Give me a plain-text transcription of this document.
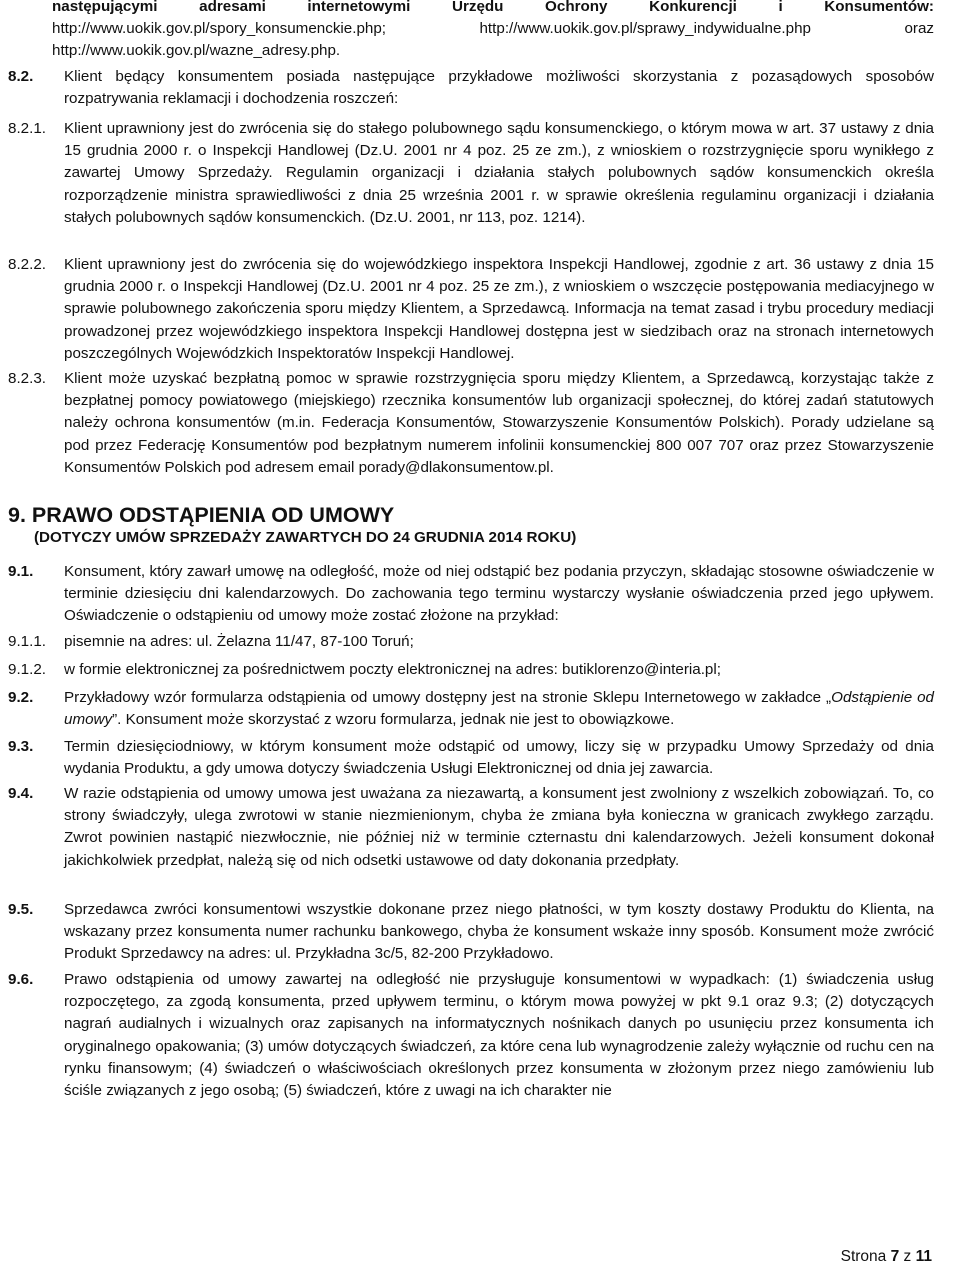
następującymi adresami internetowymi Urzędu Ochrony Konkurencji i Konsumentów:
http://www.uokik.gov.pl/spory_konsumenckie.php;	http://www.uokik.gov.pl/sprawy_indywidualne.php	oraz
http://www.uokik.gov.pl/wazne_adresy.php.
8.2. Klient będący konsumentem posiada następujące przykładowe możliwości skorzystania z pozasądowych sposobów rozpatrywania reklamacji i dochodzenia roszczeń:
8.2.1. Klient uprawniony jest do zwrócenia się do stałego polubownego sądu konsumenckiego, o którym mowa w art. 37 ustawy z dnia 15 grudnia 2000 r. o Inspekcji Handlowej (Dz.U. 2001 nr 4 poz. 25 ze zm.), z wnioskiem o rozstrzygnięcie sporu wynikłego z zawartej Umowy Sprzedaży. Regulamin organizacji i działania stałych polubownych sądów konsumenckich określa rozporządzenie ministra sprawiedliwości z dnia 25 września 2001 r. w sprawie określenia regulaminu organizacji i działania stałych polubownych sądów konsumenckich. (Dz.U. 2001, nr 113, poz. 1214).
8.2.2. Klient uprawniony jest do zwrócenia się do wojewódzkiego inspektora Inspekcji Handlowej, zgodnie z art. 36 ustawy z dnia 15 grudnia 2000 r. o Inspekcji Handlowej (Dz.U. 2001 nr 4 poz. 25 ze zm.), z wnioskiem o wszczęcie postępowania mediacyjnego w sprawie polubownego zakończenia sporu między Klientem, a Sprzedawcą. Informacja na temat zasad i trybu procedury mediacji prowadzonej przez wojewódzkiego inspektora Inspekcji Handlowej dostępna jest w siedzibach oraz na stronach internetowych poszczególnych Wojewódzkich Inspektoratów Inspekcji Handlowej.
8.2.3. Klient może uzyskać bezpłatną pomoc w sprawie rozstrzygnięcia sporu między Klientem, a Sprzedawcą, korzystając także z bezpłatnej pomocy powiatowego (miejskiego) rzecznika konsumentów lub organizacji społecznej, do której zadań statutowych należy ochrona konsumentów (m.in. Federacja Konsumentów, Stowarzyszenie Konsumentów Polskich). Porady udzielane są pod przez Federację Konsumentów pod bezpłatnym numerem infolinii konsumenckiej 800 007 707 oraz przez Stowarzyszenie Konsumentów Polskich pod adresem email porady@dlakonsumentow.pl.
9. PRAWO ODSTĄPIENIA OD UMOWY
(DOTYCZY UMÓW SPRZEDAŻY ZAWARTYCH DO 24 GRUDNIA 2014 ROKU)
9.1. Konsument, który zawarł umowę na odległość, może od niej odstąpić bez podania przyczyn, składając stosowne oświadczenie w terminie dziesięciu dni kalendarzowych. Do zachowania tego terminu wystarczy wysłanie oświadczenia przed jego upływem. Oświadczenie o odstąpieniu od umowy może zostać złożone na przykład:
9.1.1. pisemnie na adres: ul. Żelazna 11/47, 87-100 Toruń;
9.1.2. w formie elektronicznej za pośrednictwem poczty elektronicznej na adres: butiklorenzo@interia.pl;
9.2. Przykładowy wzór formularza odstąpienia od umowy dostępny jest na stronie Sklepu Internetowego w zakładce „Odstąpienie od umowy”. Konsument może skorzystać z wzoru formularza, jednak nie jest to obowiązkowe.
9.3. Termin dziesięciodniowy, w którym konsument może odstąpić od umowy, liczy się w przypadku Umowy Sprzedaży od dnia wydania Produktu, a gdy umowa dotyczy świadczenia Usługi Elektronicznej od dnia jej zawarcia.
9.4. W razie odstąpienia od umowy umowa jest uważana za niezawartą, a konsument jest zwolniony z wszelkich zobowiązań. To, co strony świadczyły, ulega zwrotowi w stanie niezmienionym, chyba że zmiana była konieczna w granicach zwykłego zarządu. Zwrot powinien nastąpić niezwłocznie, nie później niż w terminie czternastu dni kalendarzowych. Jeżeli konsument dokonał jakichkolwiek przedpłat, należą się od nich odsetki ustawowe od daty dokonania przedpłaty.
9.5. Sprzedawca zwróci konsumentowi wszystkie dokonane przez niego płatności, w tym koszty dostawy Produktu do Klienta, na wskazany przez konsumenta numer rachunku bankowego, chyba że konsument wskaże inny sposób. Konsument może zwrócić Produkt Sprzedawcy na adres: ul. Przykładna 3c/5, 82-200 Przykładowo.
9.6. Prawo odstąpienia od umowy zawartej na odległość nie przysługuje konsumentowi w wypadkach: (1) świadczenia usług rozpoczętego, za zgodą konsumenta, przed upływem terminu, o którym mowa powyżej w pkt 9.1 oraz 9.3; (2) dotyczących nagrań audialnych i wizualnych oraz zapisanych na informatycznych nośnikach danych po usunięciu przez konsumenta ich oryginalnego opakowania; (3) umów dotyczących świadczeń, za które cena lub wynagrodzenie zależy wyłącznie od ruchu cen na rynku finansowym; (4) świadczeń o właściwościach określonych przez konsumenta w złożonym przez niego zamówieniu lub ściśle związanych z jego osobą; (5) świadczeń, które z uwagi na ich charakter nie
Strona 7 z 11
